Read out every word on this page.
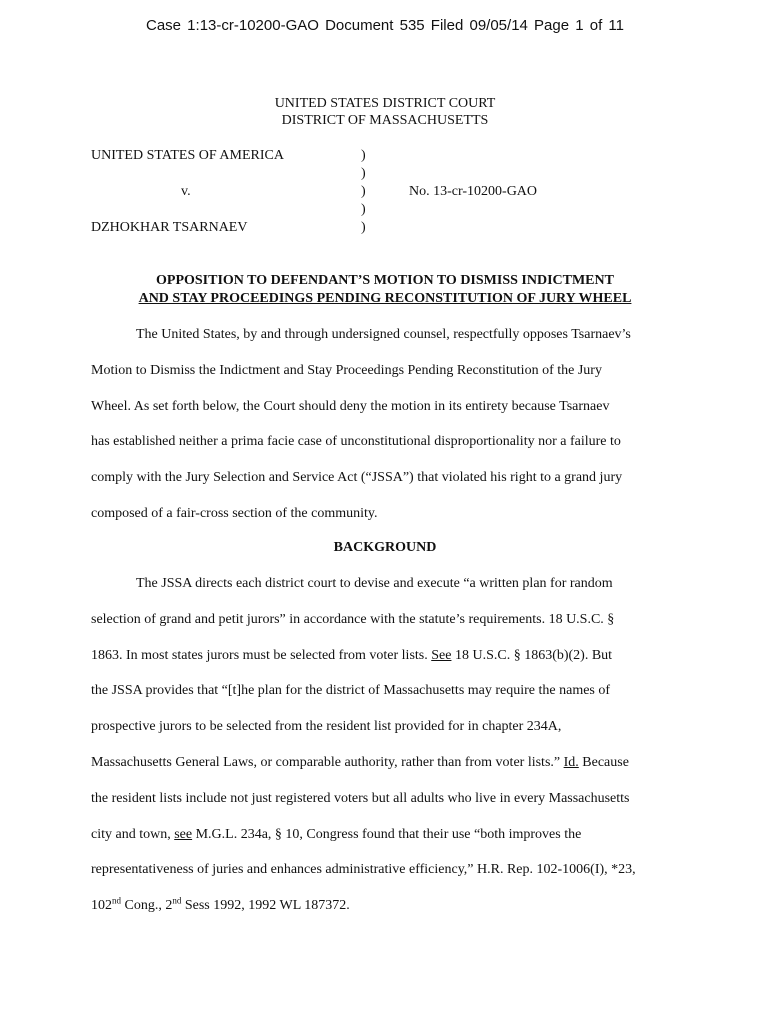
Case 1:13-cr-10200-GAO Document 535 Filed 09/05/14 Page 1 of 11
UNITED STATES DISTRICT COURT
DISTRICT OF MASSACHUSETTS
UNITED STATES OF AMERICA	)
)
v.	)	No. 13-cr-10200-GAO
)
DZHOKHAR TSARNAEV	)
OPPOSITION TO DEFENDANT’S MOTION TO DISMISS INDICTMENT
AND STAY PROCEEDINGS PENDING RECONSTITUTION OF JURY WHEEL
The United States, by and through undersigned counsel, respectfully opposes Tsarnaev’s
Motion to Dismiss the Indictment and Stay Proceedings Pending Reconstitution of the Jury
Wheel. As set forth below, the Court should deny the motion in its entirety because Tsarnaev
has established neither a prima facie case of unconstitutional disproportionality nor a failure to
comply with the Jury Selection and Service Act (“JSSA”) that violated his right to a grand jury
composed of a fair-cross section of the community.
BACKGROUND
The JSSA directs each district court to devise and execute “a written plan for random
selection of grand and petit jurors” in accordance with the statute’s requirements. 18 U.S.C. §
1863. In most states jurors must be selected from voter lists. See 18 U.S.C. § 1863(b)(2). But
the JSSA provides that “[t]he plan for the district of Massachusetts may require the names of
prospective jurors to be selected from the resident list provided for in chapter 234A,
Massachusetts General Laws, or comparable authority, rather than from voter lists.” Id. Because
the resident lists include not just registered voters but all adults who live in every Massachusetts
city and town, see M.G.L. 234a, § 10, Congress found that their use “both improves the
representativeness of juries and enhances administrative efficiency,” H.R. Rep. 102-1006(I), *23,
102nd Cong., 2nd Sess 1992, 1992 WL 187372.
